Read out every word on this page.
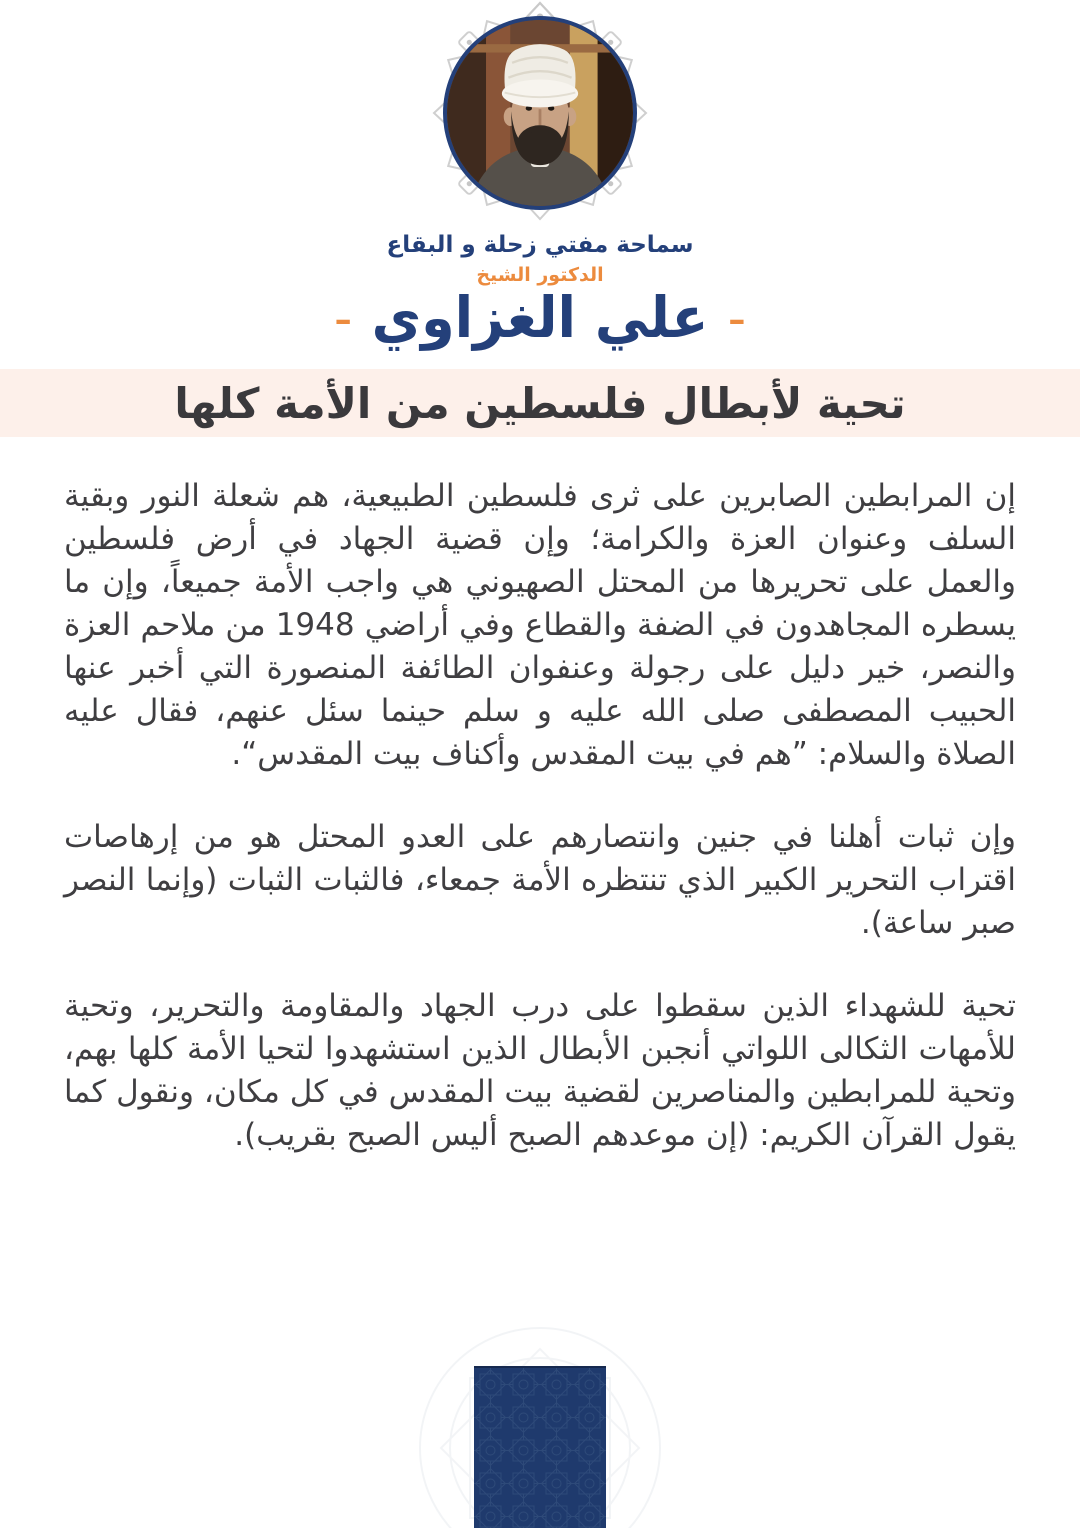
سماحة مفتي زحلة و البقاع
الدكتور الشيخ
–
علي الغزاوي
–
تحية لأبطال فلسطين من الأمة كلها

إن المرابطين الصابرين على ثرى فلسطين الطبيعية، هم شعلة النور وبقية السلف وعنوان العزة والكرامة؛ وإن قضية الجهاد في أرض فلسطين والعمل على تحريرها من المحتل الصهيوني هي واجب الأمة جميعاً، وإن ما يسطره المجاهدون في الضفة والقطاع وفي أراضي 1948 من ملاحم العزة والنصر، خير دليل على رجولة وعنفوان الطائفة المنصورة التي أخبر عنها الحبيب المصطفى صلى الله عليه و سلم حينما سئل عنهم، فقال عليه الصلاة والسلام: ”هم في بيت المقدس وأكناف بيت المقدس“.

وإن ثبات أهلنا في جنين وانتصارهم على العدو المحتل هو من إرهاصات اقتراب التحرير الكبير الذي تنتظره الأمة جمعاء، فالثبات الثبات (وإنما النصر صبر ساعة).

تحية للشهداء الذين سقطوا على درب الجهاد والمقاومة والتحرير، وتحية للأمهات الثكالى اللواتي أنجبن الأبطال الذين استشهدوا لتحيا الأمة كلها بهم، وتحية للمرابطين والمناصرين لقضية بيت المقدس في كل مكان، ونقول كما يقول القرآن الكريم: (إن موعدهم الصبح أليس الصبح بقريب).
